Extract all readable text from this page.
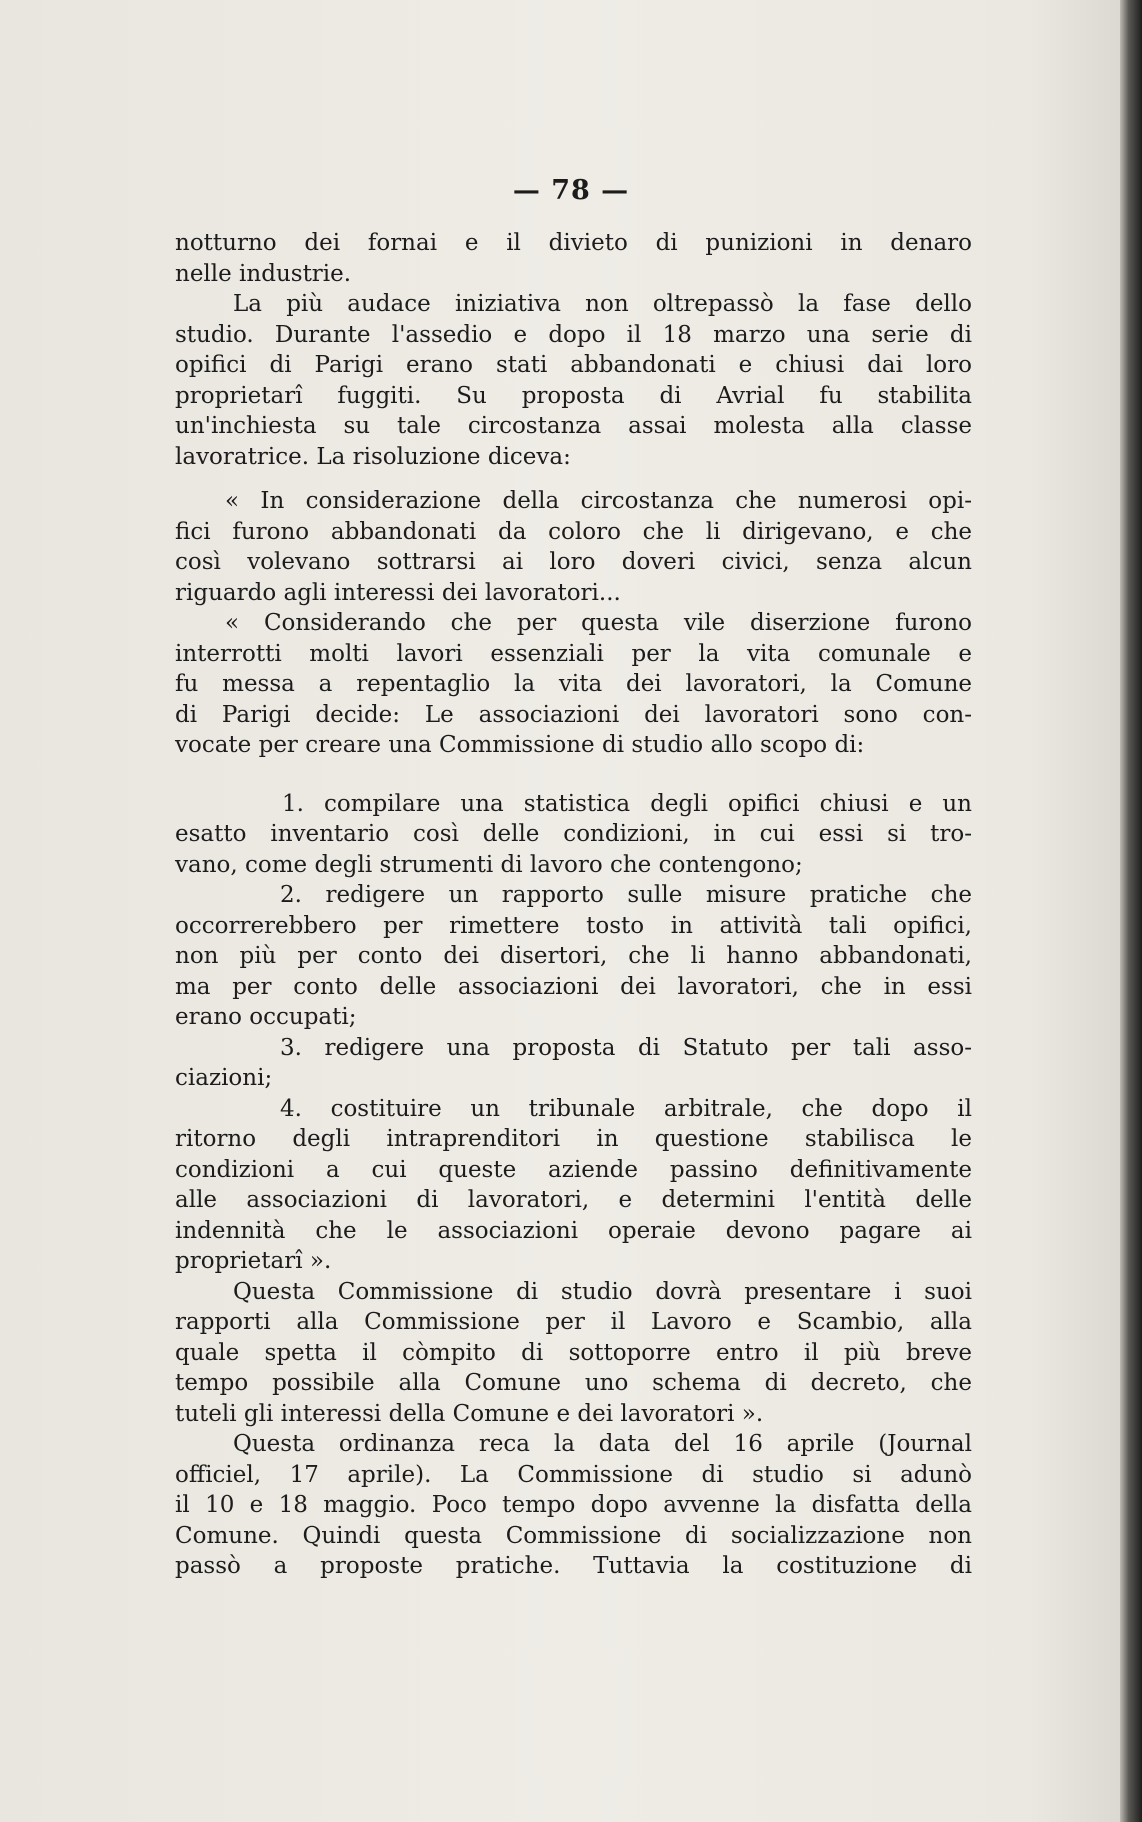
— 78 —
notturno dei fornai e il divieto di punizioni in denaro
nelle industrie.
La più audace iniziativa non oltrepassò la fase dello
studio. Durante l'assedio e dopo il 18 marzo una serie di
opifici di Parigi erano stati abbandonati e chiusi dai loro
proprietarî fuggiti. Su proposta di Avrial fu stabilita
un'inchiesta su tale circostanza assai molesta alla classe
lavoratrice. La risoluzione diceva:
« In considerazione della circostanza che numerosi opi-
fici furono abbandonati da coloro che li dirigevano, e che
così volevano sottrarsi ai loro doveri civici, senza alcun
riguardo agli interessi dei lavoratori...
« Considerando che per questa vile diserzione furono
interrotti molti lavori essenziali per la vita comunale e
fu messa a repentaglio la vita dei lavoratori, la Comune
di Parigi decide: Le associazioni dei lavoratori sono con-
vocate per creare una Commissione di studio allo scopo di:
1. compilare una statistica degli opifici chiusi e un
esatto inventario così delle condizioni, in cui essi si tro-
vano, come degli strumenti di lavoro che contengono;
2. redigere un rapporto sulle misure pratiche che
occorrerebbero per rimettere tosto in attività tali opifici,
non più per conto dei disertori, che li hanno abbandonati,
ma per conto delle associazioni dei lavoratori, che in essi
erano occupati;
3. redigere una proposta di Statuto per tali asso-
ciazioni;
4. costituire un tribunale arbitrale, che dopo il
ritorno degli intraprenditori in questione stabilisca le
condizioni a cui queste aziende passino definitivamente
alle associazioni di lavoratori, e determini l'entità delle
indennità che le associazioni operaie devono pagare ai
proprietarî ».
Questa Commissione di studio dovrà presentare i suoi
rapporti alla Commissione per il Lavoro e Scambio, alla
quale spetta il còmpito di sottoporre entro il più breve
tempo possibile alla Comune uno schema di decreto, che
tuteli gli interessi della Comune e dei lavoratori ».
Questa ordinanza reca la data del 16 aprile (Journal
officiel, 17 aprile). La Commissione di studio si adunò
il 10 e 18 maggio. Poco tempo dopo avvenne la disfatta della
Comune. Quindi questa Commissione di socializzazione non
passò a proposte pratiche. Tuttavia la costituzione di
